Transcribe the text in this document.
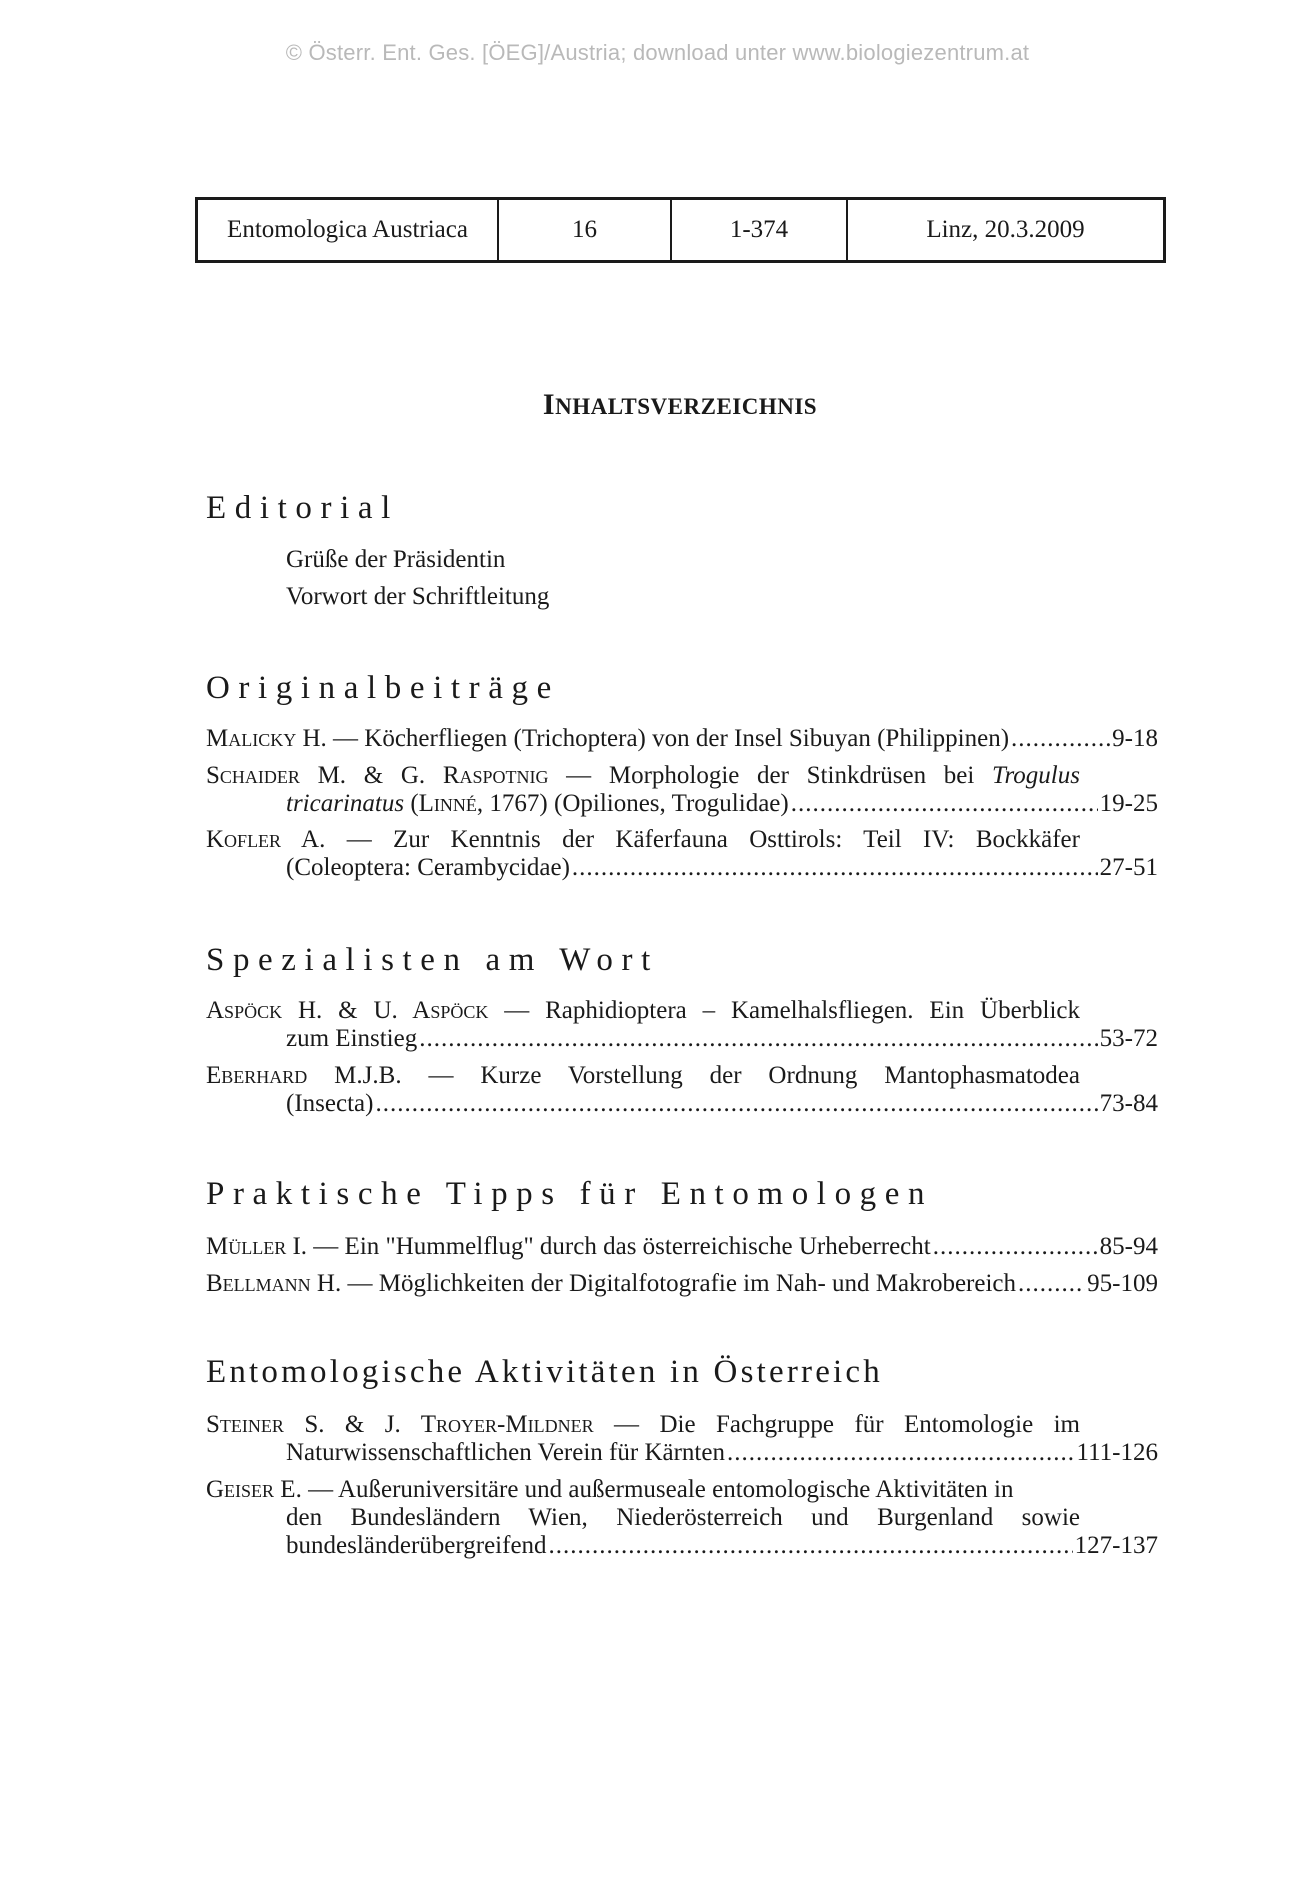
© Österr. Ent. Ges. [ÖEG]/Austria; download unter www.biologiezentrum.at
Entomologica Austriaca	16	1-374	Linz, 20.3.2009
INHALTSVERZEICHNIS
Editorial
Grüße der Präsidentin
Vorwort der Schriftleitung
Originalbeiträge
Malicky H. — Köcherfliegen (Trichoptera) von der Insel Sibuyan (Philippinen) .....	9-18
Schaider M. & G. Raspotnig — Morphologie der Stinkdrüsen bei Trogulus
tricarinatus (Linné, 1767) (Opiliones, Trogulidae) .....	19-25
Kofler A. — Zur Kenntnis der Käferfauna Osttirols: Teil IV: Bockkäfer
(Coleoptera: Cerambycidae) .....	27-51
Spezialisten am Wort
Aspöck H. & U. Aspöck — Raphidioptera – Kamelhalsfliegen. Ein Überblick
zum Einstieg .....	53-72
Eberhard M.J.B. — Kurze Vorstellung der Ordnung Mantophasmatodea
(Insecta) .....	73-84
Praktische Tipps für Entomologen
Müller I. — Ein "Hummelflug" durch das österreichische Urheberrecht .....	85-94
Bellmann H. — Möglichkeiten der Digitalfotografie im Nah- und Makrobereich .....	95-109
Entomologische Aktivitäten in Österreich
Steiner S. & J. Troyer-Mildner — Die Fachgruppe für Entomologie im
Naturwissenschaftlichen Verein für Kärnten .....	111-126
Geiser E. — Außeruniversitäre und außermuseale entomologische Aktivitäten in
den Bundesländern Wien, Niederösterreich und Burgenland sowie
bundesländerübergreifend .....	127-137
